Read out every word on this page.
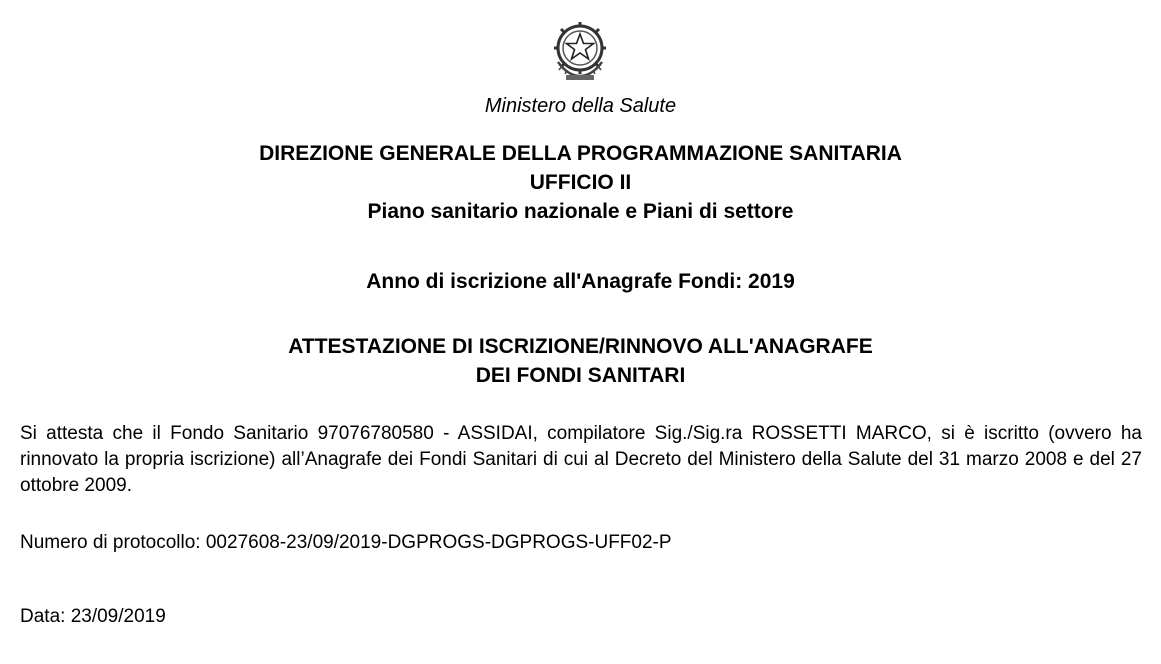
Ministero della Salute
DIREZIONE GENERALE DELLA PROGRAMMAZIONE SANITARIA
UFFICIO II
Piano sanitario nazionale e Piani di settore
Anno di iscrizione all'Anagrafe Fondi: 2019
ATTESTAZIONE DI ISCRIZIONE/RINNOVO ALL'ANAGRAFE
DEI FONDI SANITARI
Si attesta che il Fondo Sanitario 97076780580 - ASSIDAI, compilatore Sig./Sig.ra ROSSETTI MARCO, si è iscritto (ovvero ha rinnovato la propria iscrizione) all’Anagrafe dei Fondi Sanitari di cui al Decreto del Ministero della Salute del 31 marzo 2008 e del 27 ottobre 2009.
Numero di protocollo: 0027608-23/09/2019-DGPROGS-DGPROGS-UFF02-P
Data: 23/09/2019
